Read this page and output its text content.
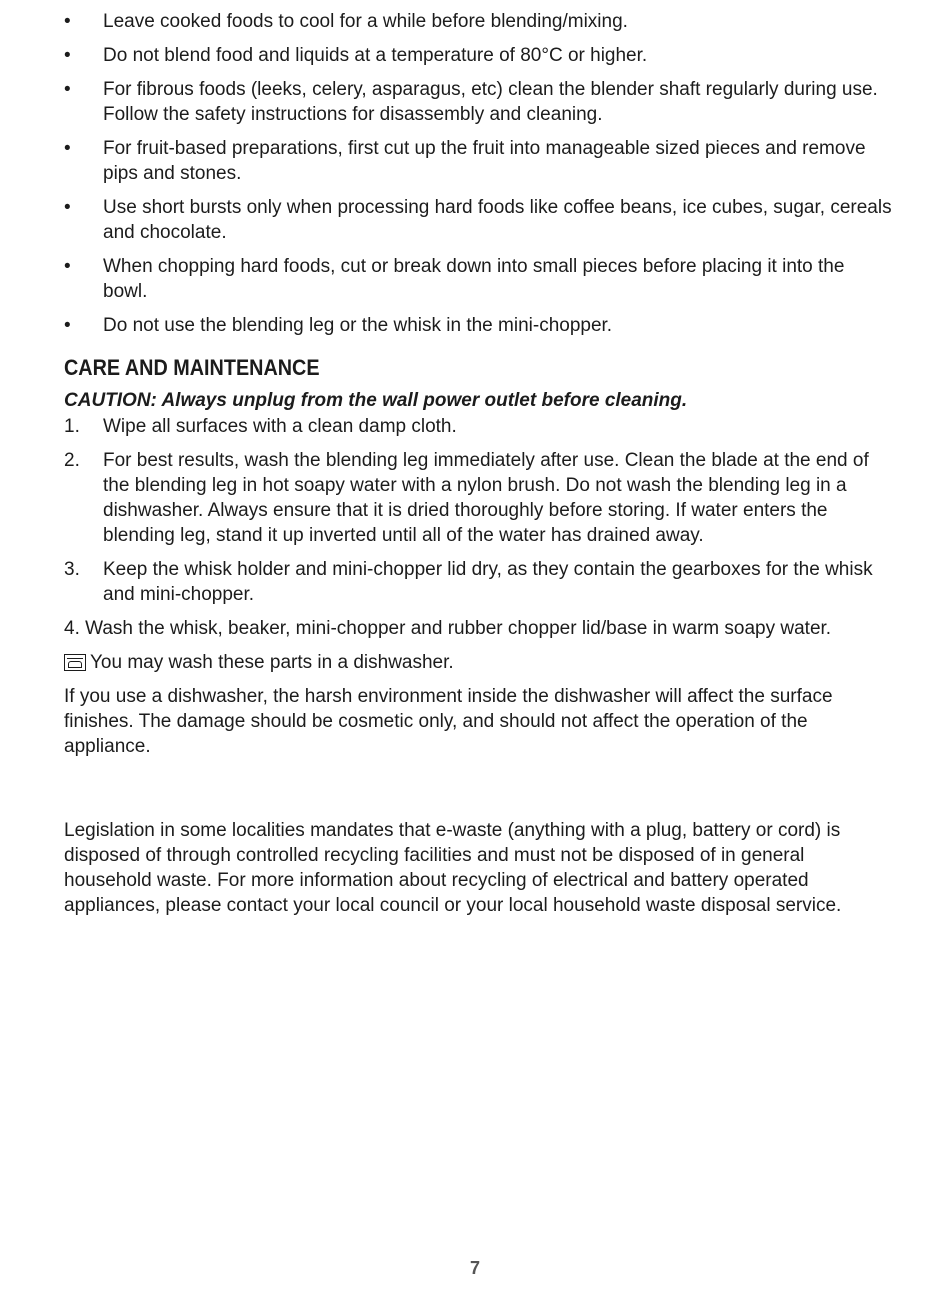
• Leave cooked foods to cool for a while before blending/mixing.
• Do not blend food and liquids at a temperature of 80°C or higher.
• For fibrous foods (leeks, celery, asparagus, etc) clean the blender shaft regularly during use. Follow the safety instructions for disassembly and cleaning.
• For fruit-based preparations, first cut up the fruit into manageable sized pieces and remove pips and stones.
• Use short bursts only when processing hard foods like coffee beans, ice cubes, sugar, cereals and chocolate.
• When chopping hard foods, cut or break down into small pieces before placing it into the bowl.
• Do not use the blending leg or the whisk in the mini-chopper.
CARE AND MAINTENANCE
CAUTION: Always unplug from the wall power outlet before cleaning.
1. Wipe all surfaces with a clean damp cloth.
2. For best results, wash the blending leg immediately after use. Clean the blade at the end of the blending leg in hot soapy water with a nylon brush. Do not wash the blending leg in a dishwasher. Always ensure that it is dried thoroughly before storing. If water enters the blending leg, stand it up inverted until all of the water has drained away.
3. Keep the whisk holder and mini-chopper lid dry, as they contain the gearboxes for the whisk and mini-chopper.

4. Wash the whisk, beaker, mini-chopper and rubber chopper lid/base in warm soapy water.

You may wash these parts in a dishwasher.

If you use a dishwasher, the harsh environment inside the dishwasher will affect the surface finishes. The damage should be cosmetic only, and should not affect the operation of the appliance.

Legislation in some localities mandates that e-waste (anything with a plug, battery or cord) is disposed of through controlled recycling facilities and must not be disposed of in general household waste. For more information about recycling of electrical and battery operated appliances, please contact your local council or your local household waste disposal service.

7
